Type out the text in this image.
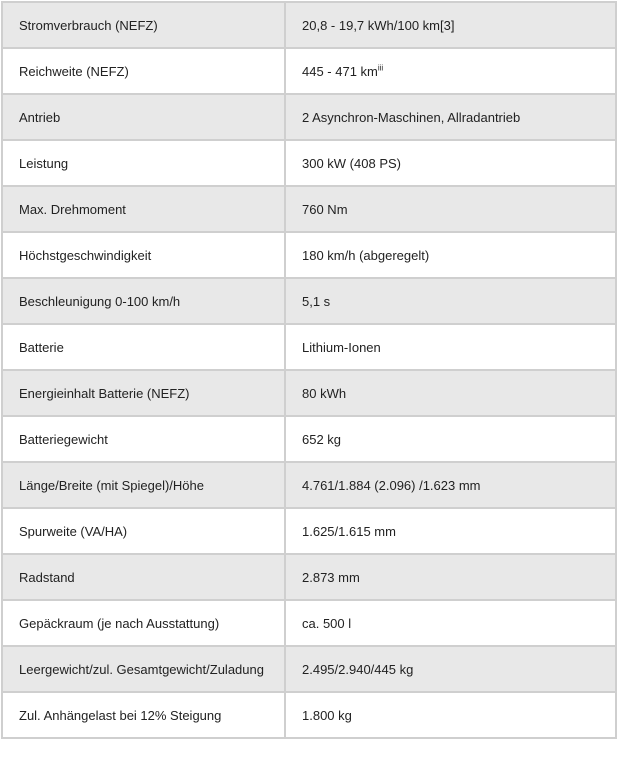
Stromverbrauch (NEFZ)	20,8 - 19,7 kWh/100 km[3]
Reichweite (NEFZ)	445 - 471 $km^{iii}$
Antrieb	2 Asynchron-Maschinen, Allradantrieb
Leistung	300 kW (408 PS)
Max. Drehmoment	760 Nm
Höchstgeschwindigkeit	180 km/h (abgeregelt)
Beschleunigung 0-100 km/h	5,1 s
Batterie	Lithium-Ionen
Energieinhalt Batterie (NEFZ)	80 kWh
Batteriegewicht	652 kg
Länge/Breite (mit Spiegel)/Höhe	4.761/1.884 (2.096) /1.623 mm
Spurweite (VA/HA)	1.625/1.615 mm
Radstand	2.873 mm
Gepäckraum (je nach Ausstattung)	ca. 500 l
Leergewicht/zul. Gesamtgewicht/Zuladung	2.495/2.940/445 kg
Zul. Anhängelast bei 12% Steigung	1.800 kg
